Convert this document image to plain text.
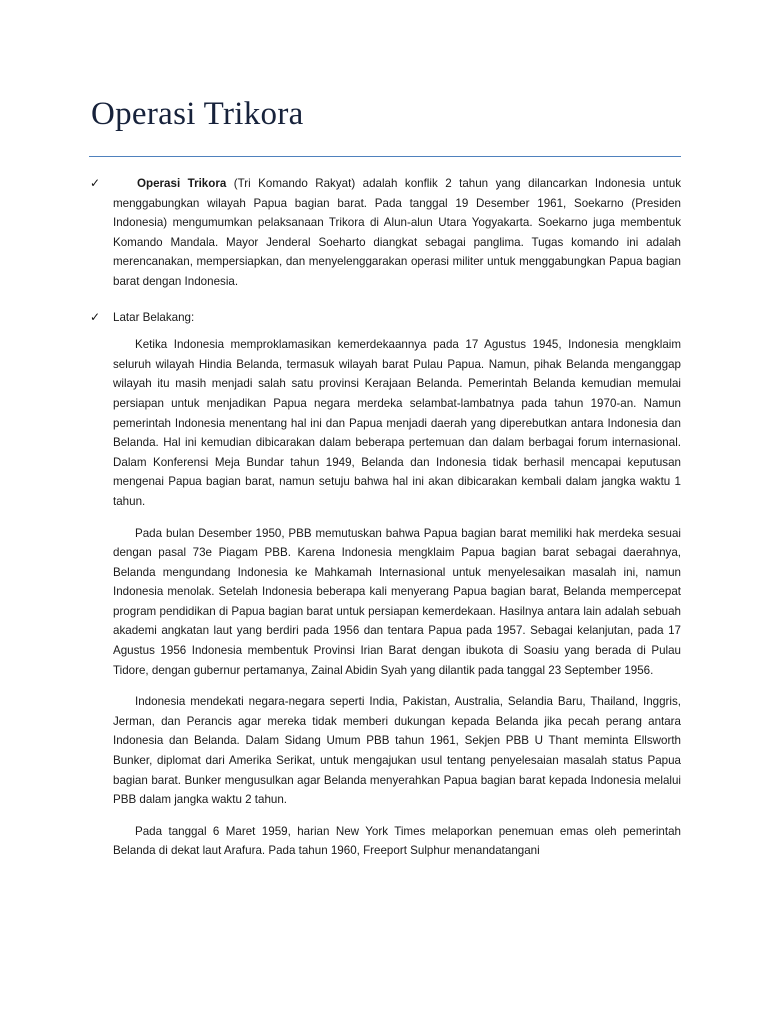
Operasi Trikora
✓	Operasi Trikora (Tri Komando Rakyat) adalah konflik 2 tahun yang dilancarkan Indonesia untuk menggabungkan wilayah Papua bagian barat. Pada tanggal 19 Desember 1961, Soekarno (Presiden Indonesia) mengumumkan pelaksanaan Trikora di Alun-alun Utara Yogyakarta. Soekarno juga membentuk Komando Mandala. Mayor Jenderal Soeharto diangkat sebagai panglima. Tugas komando ini adalah merencanakan, mempersiapkan, dan menyelenggarakan operasi militer untuk menggabungkan Papua bagian barat dengan Indonesia.
✓ Latar Belakang:

Ketika Indonesia memproklamasikan kemerdekaannya pada 17 Agustus 1945, Indonesia mengklaim seluruh wilayah Hindia Belanda, termasuk wilayah barat Pulau Papua. Namun, pihak Belanda menganggap wilayah itu masih menjadi salah satu provinsi Kerajaan Belanda. Pemerintah Belanda kemudian memulai persiapan untuk menjadikan Papua negara merdeka selambat-lambatnya pada tahun 1970-an. Namun pemerintah Indonesia menentang hal ini dan Papua menjadi daerah yang diperebutkan antara Indonesia dan Belanda. Hal ini kemudian dibicarakan dalam beberapa pertemuan dan dalam berbagai forum internasional. Dalam Konferensi Meja Bundar tahun 1949, Belanda dan Indonesia tidak berhasil mencapai keputusan mengenai Papua bagian barat, namun setuju bahwa hal ini akan dibicarakan kembali dalam jangka waktu 1 tahun.

Pada bulan Desember 1950, PBB memutuskan bahwa Papua bagian barat memiliki hak merdeka sesuai dengan pasal 73e Piagam PBB. Karena Indonesia mengklaim Papua bagian barat sebagai daerahnya, Belanda mengundang Indonesia ke Mahkamah Internasional untuk menyelesaikan masalah ini, namun Indonesia menolak. Setelah Indonesia beberapa kali menyerang Papua bagian barat, Belanda mempercepat program pendidikan di Papua bagian barat untuk persiapan kemerdekaan. Hasilnya antara lain adalah sebuah akademi angkatan laut yang berdiri pada 1956 dan tentara Papua pada 1957. Sebagai kelanjutan, pada 17 Agustus 1956 Indonesia membentuk Provinsi Irian Barat dengan ibukota di Soasiu yang berada di Pulau Tidore, dengan gubernur pertamanya, Zainal Abidin Syah yang dilantik pada tanggal 23 September 1956.

Indonesia mendekati negara-negara seperti India, Pakistan, Australia, Selandia Baru, Thailand, Inggris, Jerman, dan Perancis agar mereka tidak memberi dukungan kepada Belanda jika pecah perang antara Indonesia dan Belanda. Dalam Sidang Umum PBB tahun 1961, Sekjen PBB U Thant meminta Ellsworth Bunker, diplomat dari Amerika Serikat, untuk mengajukan usul tentang penyelesaian masalah status Papua bagian barat. Bunker mengusulkan agar Belanda menyerahkan Papua bagian barat kepada Indonesia melalui PBB dalam jangka waktu 2 tahun.

Pada tanggal 6 Maret 1959, harian New York Times melaporkan penemuan emas oleh pemerintah Belanda di dekat laut Arafura. Pada tahun 1960, Freeport Sulphur menandatangani
